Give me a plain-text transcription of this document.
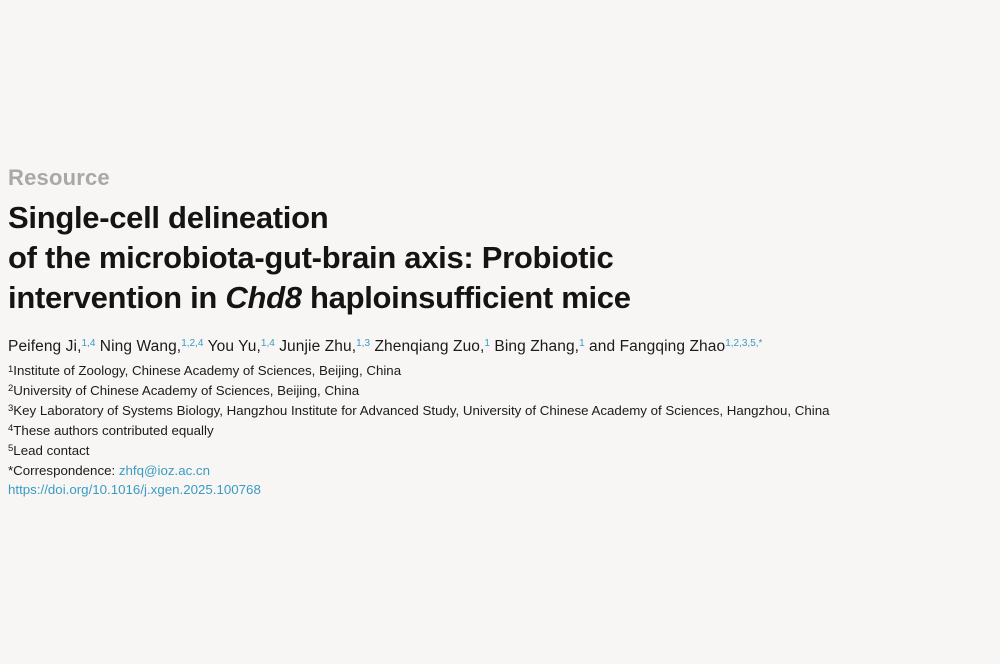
Resource
Single-cell delineation
of the microbiota-gut-brain axis: Probiotic
intervention in Chd8 haploinsufficient mice

Peifeng Ji,$^{1,4}$ Ning Wang,$^{1,2,4}$ You Yu,$^{1,4}$ Junjie Zhu,$^{1,3}$ Zhenqiang Zuo,$^1$ Bing Zhang,$^1$ and Fangqing Zhao$^{1,2,3,5,*}$

$^1$Institute of Zoology, Chinese Academy of Sciences, Beijing, China

$^2$University of Chinese Academy of Sciences, Beijing, China

$^3$Key Laboratory of Systems Biology, Hangzhou Institute for Advanced Study, University of Chinese Academy of Sciences, Hangzhou, China

$^4$These authors contributed equally

$^5$Lead contact

*Correspondence: zhfq@ioz.ac.cn

https://doi.org/10.1016/j.xgen.2025.100768
